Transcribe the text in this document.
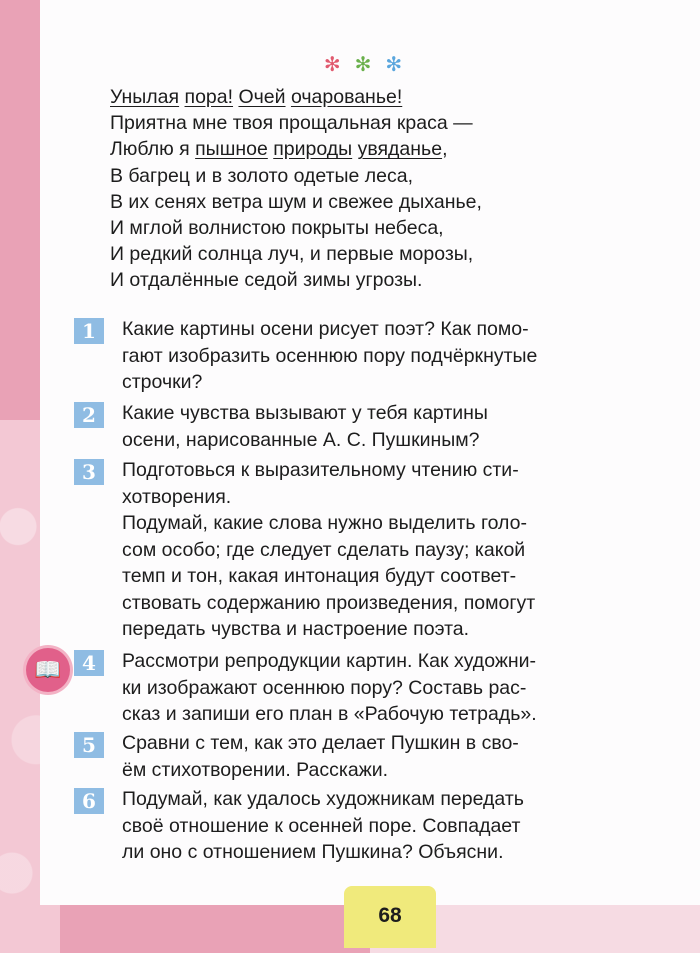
✻✻✻
Унылая пора! Очей очарованье!
Приятна мне твоя прощальная краса —
Люблю я пышное природы увяданье,
В багрец и в золото одетые леса,
В их сенях ветра шум и свежее дыханье,
И мглой волнистою покрыты небеса,
И редкий солнца луч, и первые морозы,
И отдалённые седой зимы угрозы.
1	Какие картины осени рисует поэт? Как помо-

гают изобразить осеннюю пору подчёркнутые

строчки?

2	Какие чувства вызывают у тебя картины

осени, нарисованные А. С. Пушкиным?

3	Подготовься к выразительному чтению сти-

хотворения.

Подумай, какие слова нужно выделить голо-

сом особо; где следует сделать паузу; какой

темп и тон, какая интонация будут соответ-

ствовать содержанию произведения, помогут

передать чувства и настроение поэта.

📖	4	Рассмотри репродукции картин. Как художни-

ки изображают осеннюю пору? Составь рас-

сказ и запиши его план в «Рабочую тетрадь».

5	Сравни с тем, как это делает Пушкин в сво-

ём стихотворении. Расскажи.

6	Подумай, как удалось художникам передать

своё отношение к осенней поре. Совпадает

ли оно с отношением Пушкина? Объясни.

68
